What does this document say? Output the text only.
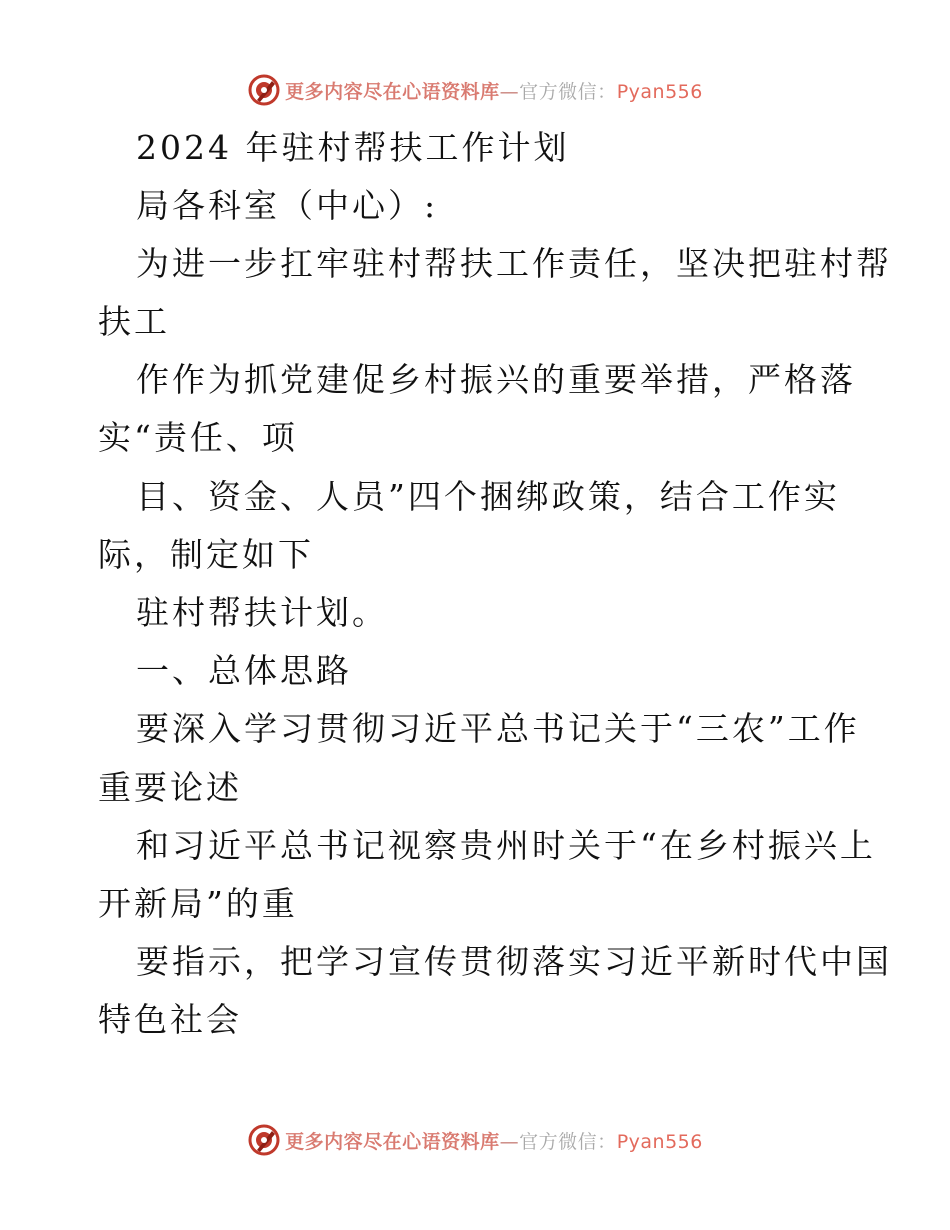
更多内容尽在心语资料库—官方微信：Pyan556
2024 年驻村帮扶工作计划
局各科室（中心）:
为进一步扛牢驻村帮扶工作责任，坚决把驻村帮
扶工
作作为抓党建促乡村振兴的重要举措，严格落
实“责任、项
目、资金、人员”四个捆绑政策，结合工作实
际，制定如下
驻村帮扶计划。
一、总体思路
要深入学习贯彻习近平总书记关于“三农”工作
重要论述
和习近平总书记视察贵州时关于“在乡村振兴上
开新局”的重
要指示，把学习宣传贯彻落实习近平新时代中国
特色社会
更多内容尽在心语资料库—官方微信：Pyan556
